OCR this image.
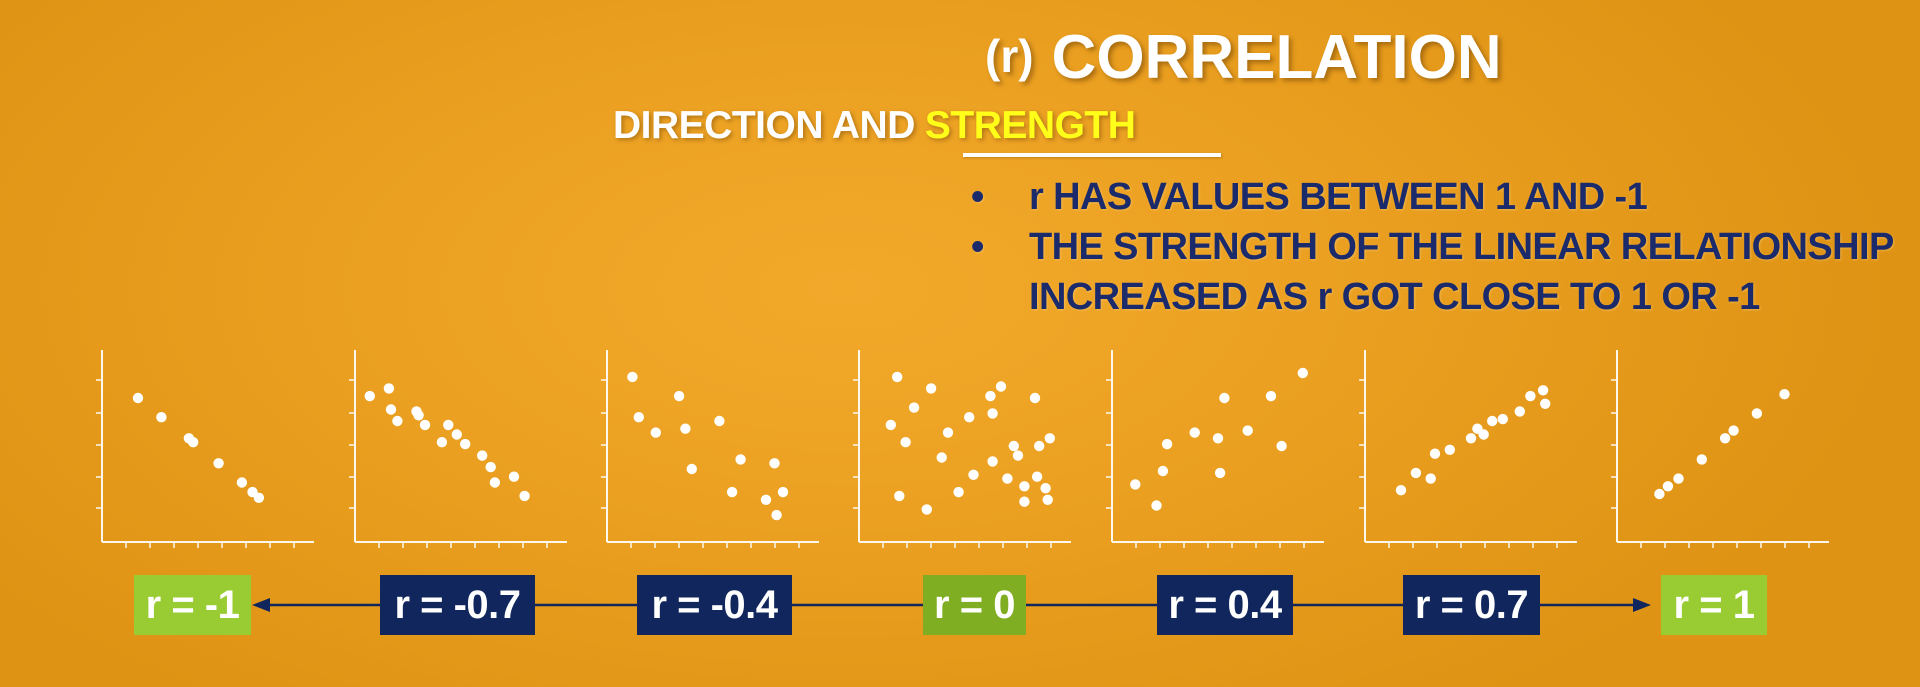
(r) CORRELATION
DIRECTION AND STRENGTH
• r HAS VALUES BETWEEN 1 AND -1
• THE STRENGTH OF THE LINEAR RELATIONSHIP
INCREASED AS r GOT CLOSE TO 1 OR -1
r = -1	r = -0.7	r = -0.4	r = 0	r = 0.4	r = 0.7	r = 1
